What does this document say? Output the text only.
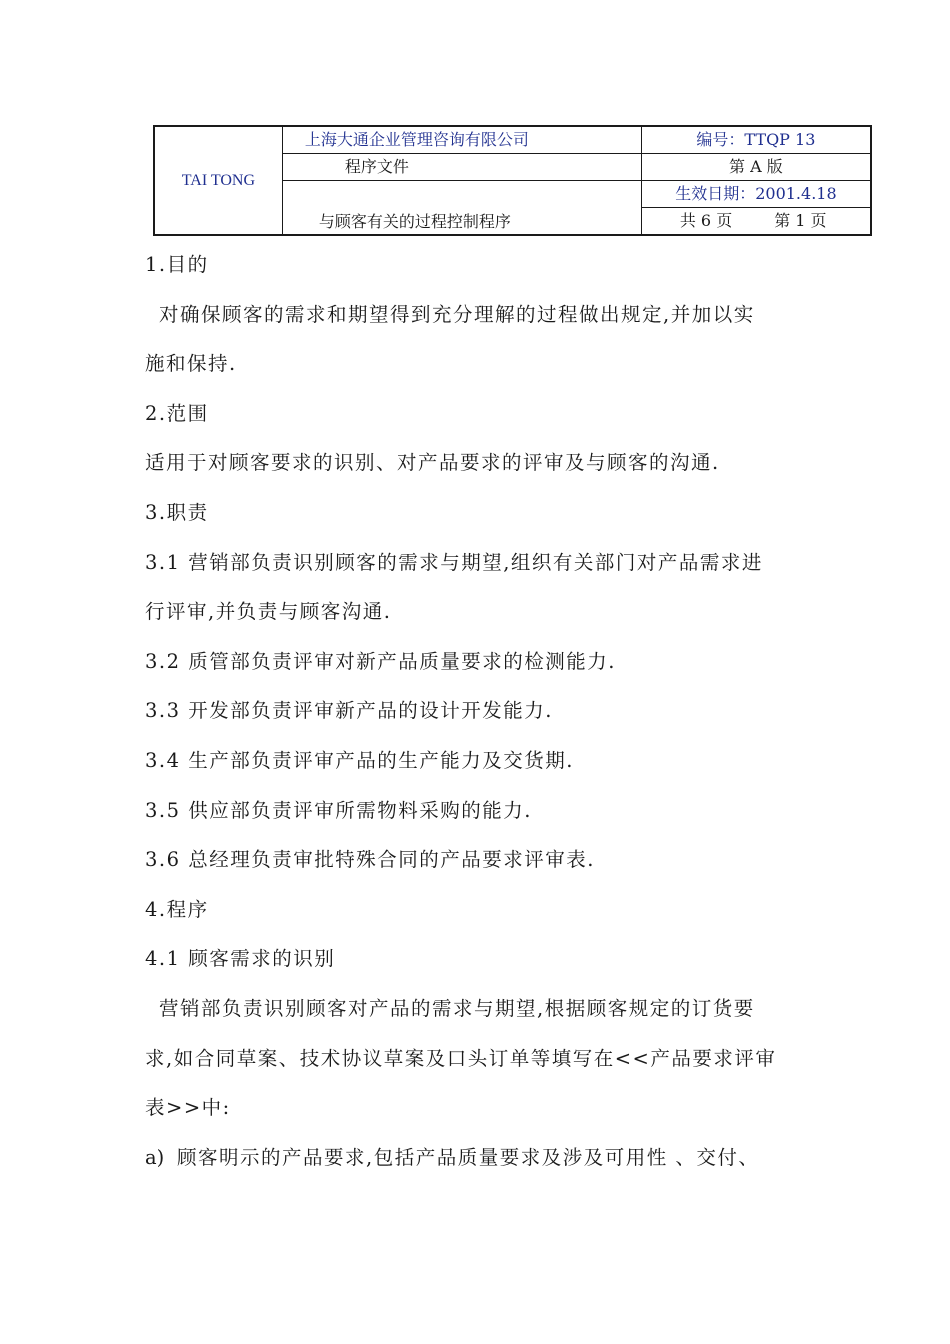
TAI TONG	上海大通企业管理咨询有限公司	编号：TTQP 13
	程序文件	第 A 版
	与顾客有关的过程控制程序	生效日期：2001.4.18
		共 6 页 第 1 页
1.目的
对确保顾客的需求和期望得到充分理解的过程做出规定,并加以实
施和保持.
2.范围
适用于对顾客要求的识别、对产品要求的评审及与顾客的沟通.
3.职责
3.1 营销部负责识别顾客的需求与期望,组织有关部门对产品需求进
行评审,并负责与顾客沟通.
3.2 质管部负责评审对新产品质量要求的检测能力.
3.3 开发部负责评审新产品的设计开发能力.
3.4 生产部负责评审产品的生产能力及交货期.
3.5 供应部负责评审所需物料采购的能力.
3.6 总经理负责审批特殊合同的产品要求评审表.
4.程序
4.1 顾客需求的识别
营销部负责识别顾客对产品的需求与期望,根据顾客规定的订货要
求,如合同草案、技术协议草案及口头订单等填写在<<产品要求评审
表>>中:
a) 顾客明示的产品要求,包括产品质量要求及涉及可用性 、交付、
